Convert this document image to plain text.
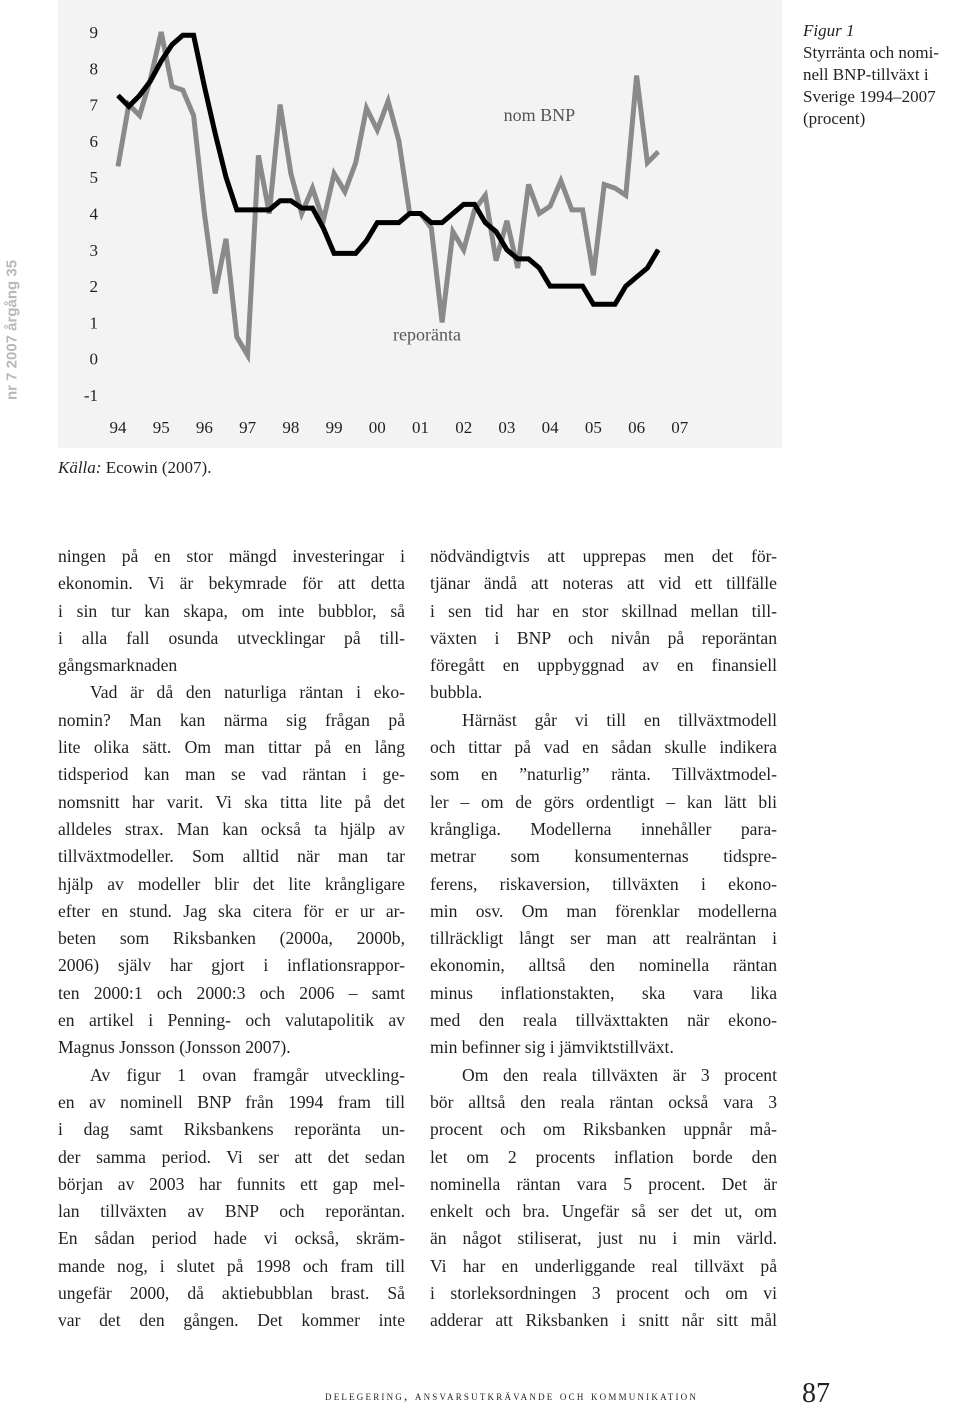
nr 7 2007 årgång 35
9
8
7
6
5
4
3
2
1
0
-1
94 95 96 97 98 99 00 01 02 03 04 05 06 07
nom BNP
reporänta
Figur 1
Styrränta och nomi-
nell BNP-tillväxt i
Sverige 1994–2007
(procent)
Källa: Ecowin (2007).

ningen på en stor mängd investeringar i
ekonomin. Vi är bekymrade för att detta
i sin tur kan skapa, om inte bubblor, så
i alla fall osunda utvecklingar på till-
gångsmarknaden

Vad är då den naturliga räntan i eko-
nomin? Man kan närma sig frågan på
lite olika sätt. Om man tittar på en lång
tidsperiod kan man se vad räntan i ge-
nomsnitt har varit. Vi ska titta lite på det
alldeles strax. Man kan också ta hjälp av
tillväxtmodeller. Som alltid när man tar
hjälp av modeller blir det lite krångligare
efter en stund. Jag ska citera för er ur ar-
beten som Riksbanken (2000a, 2000b,
2006) själv har gjort i inflationsrappor-
ten 2000:1 och 2000:3 och 2006 – samt
en artikel i Penning- och valutapolitik av
Magnus Jonsson (Jonsson 2007).

Av figur 1 ovan framgår utveckling-
en av nominell BNP från 1994 fram till
i dag samt Riksbankens reporänta un-
der samma period. Vi ser att det sedan
början av 2003 har funnits ett gap mel-
lan tillväxten av BNP och reporäntan.
En sådan period hade vi också, skräm-
mande nog, i slutet på 1998 och fram till
ungefär 2000, då aktiebubblan brast. Så
var det den gången. Det kommer inte

nödvändigtvis att upprepas men det för-
tjänar ändå att noteras att vid ett tillfälle
i sen tid har en stor skillnad mellan till-
växten i BNP och nivån på reporäntan
föregått en uppbyggnad av en finansiell
bubbla.

Härnäst går vi till en tillväxtmodell
och tittar på vad en sådan skulle indikera
som en ”naturlig” ränta. Tillväxtmodel-
ler – om de görs ordentligt – kan lätt bli
krångliga. Modellerna innehåller para-
metrar som konsumenternas tidspre-
ferens, riskaversion, tillväxten i ekono-
min osv. Om man förenklar modellerna
tillräckligt långt ser man att realräntan i
ekonomin, alltså den nominella räntan
minus inflationstakten, ska vara lika
med den reala tillväxttakten när ekono-
min befinner sig i jämviktstillväxt.

Om den reala tillväxten är 3 procent
bör alltså den reala räntan också vara 3
procent och om Riksbanken uppnår må-
let om 2 procents inflation borde den
nominella räntan vara 5 procent. Det är
enkelt och bra. Ungefär så ser det ut, om
än något stiliserat, just nu i min värld.
Vi har en underliggande real tillväxt på
i storleksordningen 3 procent och om vi
adderar att Riksbanken i snitt når sitt mål

delegering, ansvarsutkrävande och kommunikation	87
